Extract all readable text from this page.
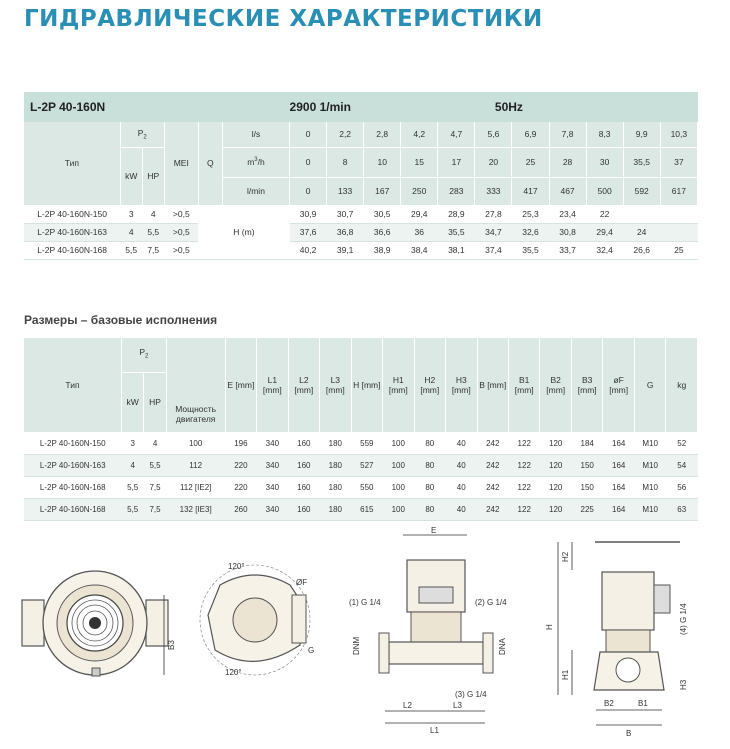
ГИДРАВЛИЧЕСКИЕ ХАРАКТЕРИСТИКИ
L-2P 40-160N						2900 1/min					50Hz					
Тип	$P_2$		MEI	Q	l/s	0	2,2	2,8	4,2	4,7	5,6	6,9	7,8	8,3	9,9	10,3
	kW	HP			$m^3/h$	0	8	10	15	17	20	25	28	30	35,5	37
					l/min	0	133	167	250	283	333	417	467	500	592	617
L-2P 40-160N-150	3	4	>0,5	H (m)		30,9	30,7	30,5	29,4	28,9	27,8	25,3	23,4	22		
L-2P 40-160N-163	4	5,5	>0,5			37,6	36,8	36,6	36	35,5	34,7	32,6	30,8	29,4	24	
L-2P 40-160N-168	5,5	7,5	>0,5			40,2	39,1	38,9	38,4	38,1	37,4	35,5	33,7	32,4	26,6	25
Размеры – базовые исполнения
Тип	$P_2$		Мощность двигателя	E [mm]	L1 [mm]	L2 [mm]	L3 [mm]	H [mm]	H1 [mm]	H2 [mm]	H3 [mm]	B [mm]	B1 [mm]	B2 [mm]	B3 [mm]	øF [mm]	G	kg
	kW	HP																
L-2P 40-160N-150	3	4	100	196	340	160	180	559	100	80	40	242	122	120	184	164	M10	52
L-2P 40-160N-163	4	5,5	112	220	340	160	180	527	100	80	40	242	122	120	150	164	M10	54
L-2P 40-160N-168	5,5	7,5	112 [IE2]	220	340	160	180	550	100	80	40	242	122	120	150	164	M10	56
L-2P 40-160N-168	5,5	7,5	132 [IE3]	260	340	160	180	615	100	80	40	242	122	120	225	164	M10	63
B3
120°
120°
ØF
G
E
(1) G 1/4	(2) G 1/4
DNM	DNA
(3) G 1/4
L2	L3
L1
H
H2
H1
(4) G 1/4
H3
B2	B1
B
